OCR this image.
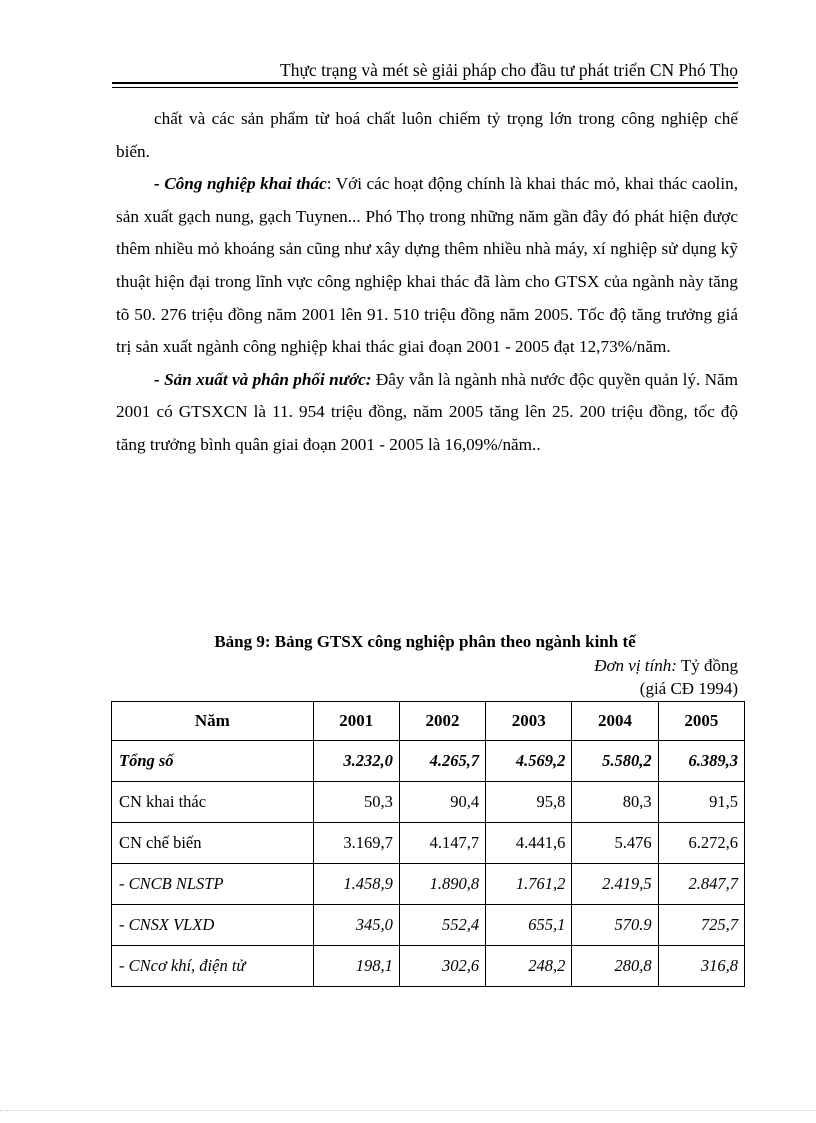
Thực trạng và mét sè giải pháp cho đầu tư phát triển CN Phó Thọ

chất và các sản phẩm từ hoá chất luôn chiếm tỷ trọng lớn trong công nghiệp chế biến.

- Công nghiệp khai thác: Với các hoạt động chính là khai thác mỏ, khai thác caolin, sản xuất gạch nung, gạch Tuynen... Phó Thọ trong những năm gần đây đó phát hiện được thêm nhiều mỏ khoáng sản cũng như xây dựng thêm nhiều nhà máy, xí nghiệp sử dụng kỹ thuật hiện đại trong lĩnh vực công nghiệp khai thác đã làm cho GTSX của ngành này tăng tõ 50. 276 triệu đồng năm 2001 lên 91. 510 triệu đồng năm 2005. Tốc độ tăng trưởng giá trị sản xuất ngành công nghiệp khai thác giai đoạn 2001 - 2005 đạt 12,73%/năm.

- Sản xuất và phân phối nước: Đây vẫn là ngành nhà nước độc quyền quản lý. Năm 2001 có GTSXCN là 11. 954 triệu đồng, năm 2005 tăng lên 25. 200 triệu đồng, tốc độ tăng trưởng bình quân giai đoạn 2001 - 2005 là 16,09%/năm..

Bảng 9: Bảng GTSX công nghiệp phân theo ngành kinh tế
Đơn vị tính: Tỷ đồng
(giá CĐ 1994)
Năm	2001	2002	2003	2004	2005
Tổng số	3.232,0	4.265,7	4.569,2	5.580,2	6.389,3
CN khai thác	50,3	90,4	95,8	80,3	91,5
CN chế biến	3.169,7	4.147,7	4.441,6	5.476	6.272,6
- CNCB NLSTP	1.458,9	1.890,8	1.761,2	2.419,5	2.847,7
- CNSX VLXD	345,0	552,4	655,1	570.9	725,7
- CNcơ khí, điện tử	198,1	302,6	248,2	280,8	316,8
